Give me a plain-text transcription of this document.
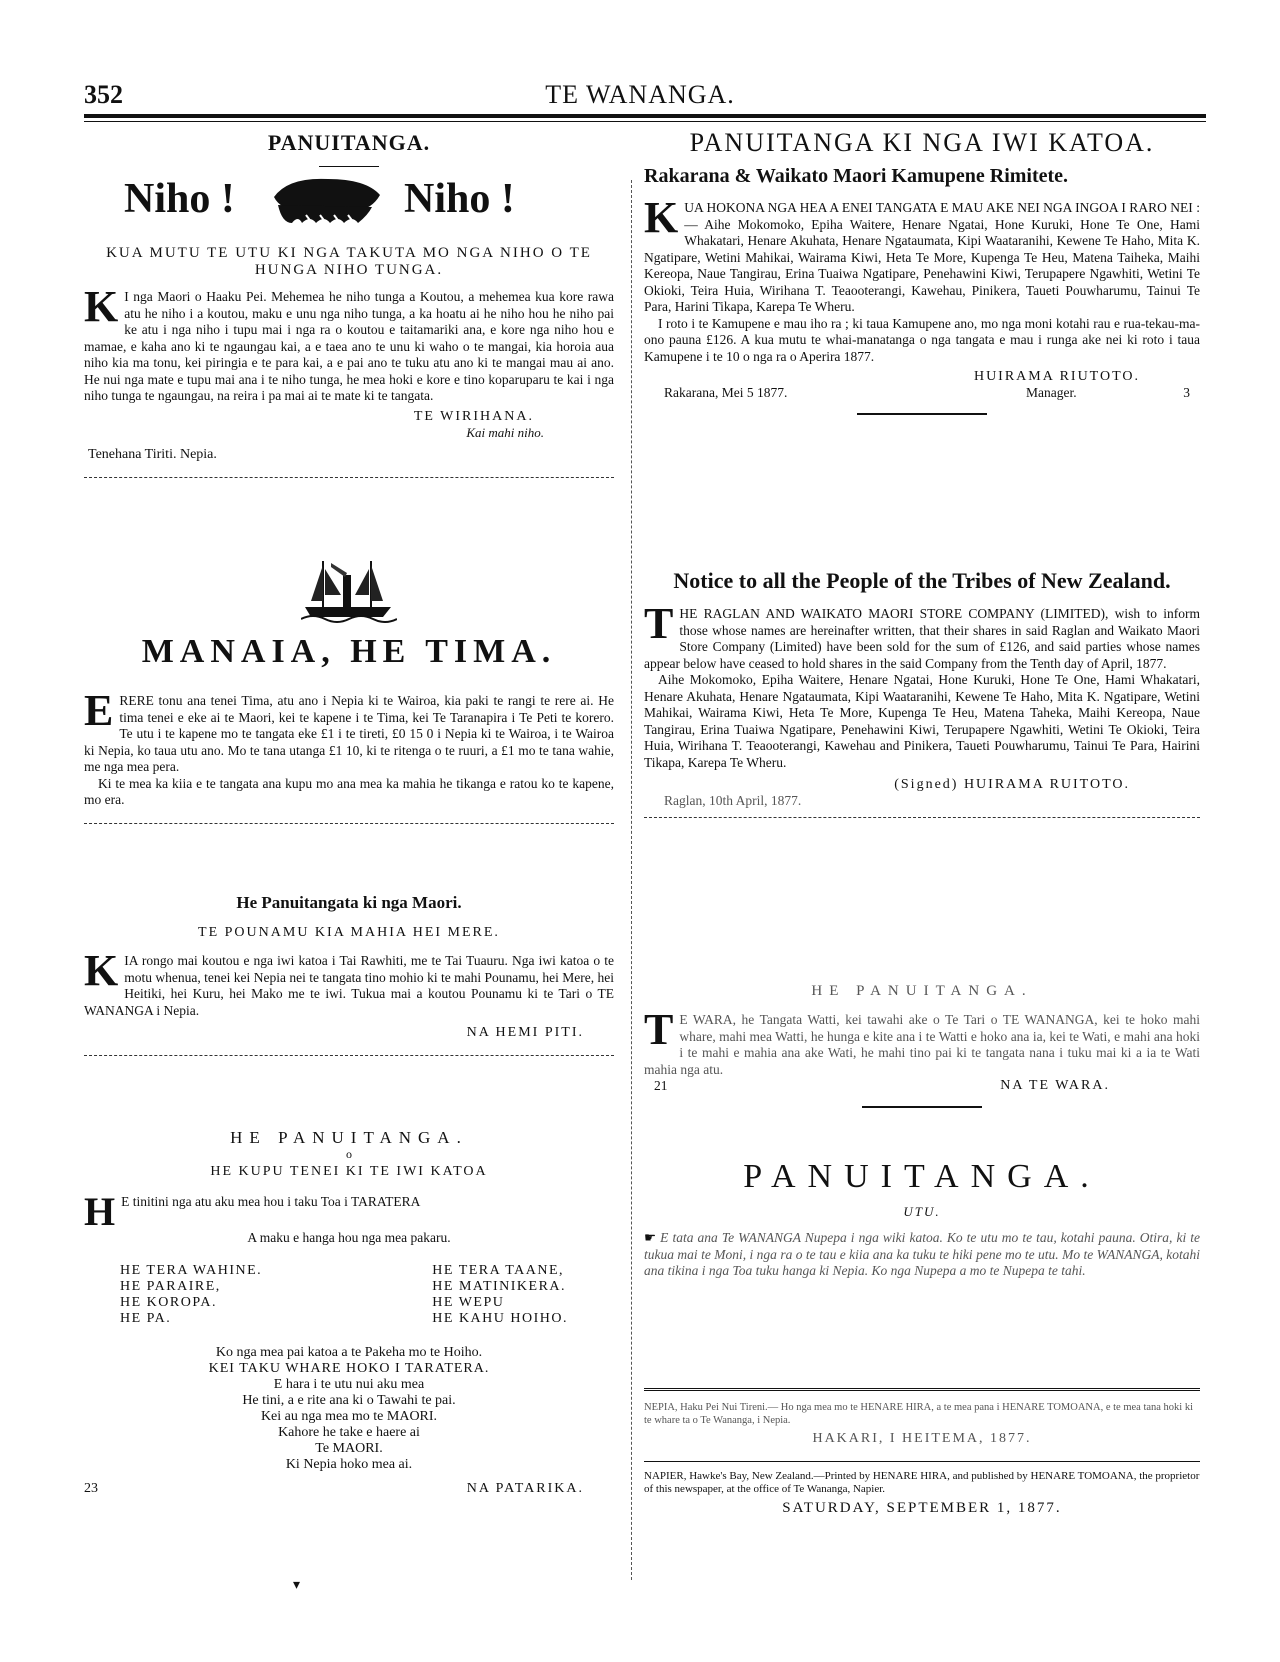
352	TE WANANGA.
PANUITANGA.
Niho !	Niho !
KUA MUTU TE UTU KI NGA TAKUTA MO NGA NIHO O TE HUNGA NIHO TUNGA.
K I nga Maori o Haaku Pei. Mehemea he niho tunga a Koutou, a mehemea kua kore rawa atu he niho i a koutou, maku e unu nga niho tunga, a ka hoatu ai he niho hou he niho pai ke atu i nga niho i tupu mai i nga ra o koutou e taitamariki ana, e kore nga niho hou e mamae, e kaha ano ki te ngaungau kai, a e taea ano te unu ki waho o te mangai, kia horoia aua niho kia ma tonu, kei piringia e te para kai, a e pai ano te tuku atu ano ki te mangai mau ai ano. He nui nga mate e tupu mai ana i te niho tunga, he mea hoki e kore e tino koparuparu te kai i nga niho tunga te ngaungau, na reira i pa mai ai te mate ki te tangata.
TE WIRIHANA.
Kai mahi niho.
Tenehana Tiriti. Nepia.
MANAIA, HE TIMA.
E RERE tonu ana tenei Tima, atu ano i Nepia ki te Wairoa, kia paki te rangi te rere ai. He tima tenei e eke ai te Maori, kei te kapene i te Tima, kei Te Taranapira i Te Peti te korero. Te utu i te kapene mo te tangata eke £1 i te tireti, £0 15 0 i Nepia ki te Wairoa, i te Wairoa ki Nepia, ko taua utu ano. Mo te tana utanga £1 10, ki te ritenga o te ruuri, a £1 mo te tana wahie, me nga mea pera.

Ki te mea ka kiia e te tangata ana kupu mo ana mea ka mahia he tikanga e ratou ko te kapene, mo era.

He Panuitangata ki nga Maori.
TE POUNAMU KIA MAHIA HEI MERE.
K IA rongo mai koutou e nga iwi katoa i Tai Rawhiti, me te Tai Tuauru. Nga iwi katoa o te motu whenua, tenei kei Nepia nei te tangata tino mohio ki te mahi Pounamu, hei Mere, hei Heitiki, hei Kuru, hei Mako me te iwi. Tukua mai a koutou Pounamu ki te Tari o TE WANANGA i Nepia.
NA HEMI PITI.
HE PANUITANGA.
o
HE KUPU TENEI KI TE IWI KATOA
H E tinitini nga atu aku mea hou i taku Toa i TARATERA
A maku e hanga hou nga mea pakaru.
HE TERA WAHINE.
HE PARAIRE,
HE KOROPA.
HE PA.
HE TERA TAANE,
HE MATINIKERA.
HE WEPU
HE KAHU HOIHO.
Ko nga mea pai katoa a te Pakeha mo te Hoiho.
KEI TAKU WHARE HOKO I TARATERA.
E hara i te utu nui aku mea
He tini, a e rite ana ki o Tawahi te pai.
Kei au nga mea mo te MAORI.
Kahore he take e haere ai
Te MAORI.
Ki Nepia hoko mea ai.
23	NA PATARIKA.
PANUITANGA KI NGA IWI KATOA.
Rakarana & Waikato Maori Kamupene Rimitete.
K UA HOKONA NGA HEA A ENEI TANGATA E MAU AKE NEI NGA INGOA I RARO NEI :— Aihe Mokomoko, Epiha Waitere, Henare Ngatai, Hone Kuruki, Hone Te One, Hami Whakatari, Henare Akuhata, Henare Ngataumata, Kipi Waataranihi, Kewene Te Haho, Mita K. Ngatipare, Wetini Mahikai, Wairama Kiwi, Heta Te More, Kupenga Te Heu, Matena Taiheka, Maihi Kereopa, Naue Tangirau, Erina Tuaiwa Ngatipare, Penehawini Kiwi, Terupapere Ngawhiti, Wetini Te Okioki, Teira Huia, Wirihana T. Teaooterangi, Kawehau, Pinikera, Taueti Pouwharumu, Tainui Te Para, Harini Tikapa, Karepa Te Wheru.

I roto i te Kamupene e mau iho ra ; ki taua Kamupene ano, mo nga moni kotahi rau e rua-tekau-ma-ono pauna £126. A kua mutu te whai-manatanga o nga tangata e mau i runga ake nei ki roto i taua Kamupene i te 10 o nga ra o Aperira 1877.

HUIRAMA RIUTOTO.
Rakarana, Mei 5 1877.	Manager.	3
Notice to all the People of the Tribes of New Zealand.
T HE RAGLAN AND WAIKATO MAORI STORE COMPANY (LIMITED), wish to inform those whose names are hereinafter written, that their shares in said Raglan and Waikato Maori Store Company (Limited) have been sold for the sum of £126, and said parties whose names appear below have ceased to hold shares in the said Company from the Tenth day of April, 1877.

Aihe Mokomoko, Epiha Waitere, Henare Ngatai, Hone Kuruki, Hone Te One, Hami Whakatari, Henare Akuhata, Henare Ngataumata, Kipi Waataranihi, Kewene Te Haho, Mita K. Ngatipare, Wetini Mahikai, Wairama Kiwi, Heta Te More, Kupenga Te Heu, Matena Taheka, Maihi Kereopa, Naue Tangirau, Erina Tuaiwa Ngatipare, Penehawini Kiwi, Terupapere Ngawhiti, Wetini Te Okioki, Teira Huia, Wirihana T. Teaooterangi, Kawehau and Pinikera, Taueti Pouwharumu, Tainui Te Para, Hairini Tikapa, Karepa Te Wheru.

(Signed) HUIRAMA RUITOTO.
Raglan, 10th April, 1877.
HE PANUITANGA.
T E WARA, he Tangata Watti, kei tawahi ake o Te Tari o TE WANANGA, kei te hoko mahi whare, mahi mea Watti, he hunga e kite ana i te Watti e hoko ana ia, kei te Wati, e mahi ana hoki i te mahi e mahia ana ake Wati, he mahi tino pai ki te tangata nana i tuku mai ki a ia te Wati mahia nga atu.
21	NA TE WARA.
PANUITANGA.
UTU.
☛ E tata ana Te WANANGA Nupepa i nga wiki katoa. Ko te utu mo te tau, kotahi pauna. Otira, ki te tukua mai te Moni, i nga ra o te tau e kiia ana ka tuku te hiki pene mo te utu. Mo te WANANGA, kotahi ana tikina i nga Toa tuku hanga ki Nepia. Ko nga Nupepa a mo te Nupepa te tahi.
NEPIA, Haku Pei Nui Tireni.— Ho nga mea mo te HENARE HIRA, a te mea pana i HENARE TOMOANA, e te mea tana hoki ki te whare ta o Te Wananga, i Nepia.
HAKARI, I HEITEMA, 1877.
NAPIER, Hawke's Bay, New Zealand.—Printed by HENARE HIRA, and published by HENARE TOMOANA, the proprietor of this newspaper, at the office of Te Wananga, Napier.
SATURDAY, SEPTEMBER 1, 1877.
▾
